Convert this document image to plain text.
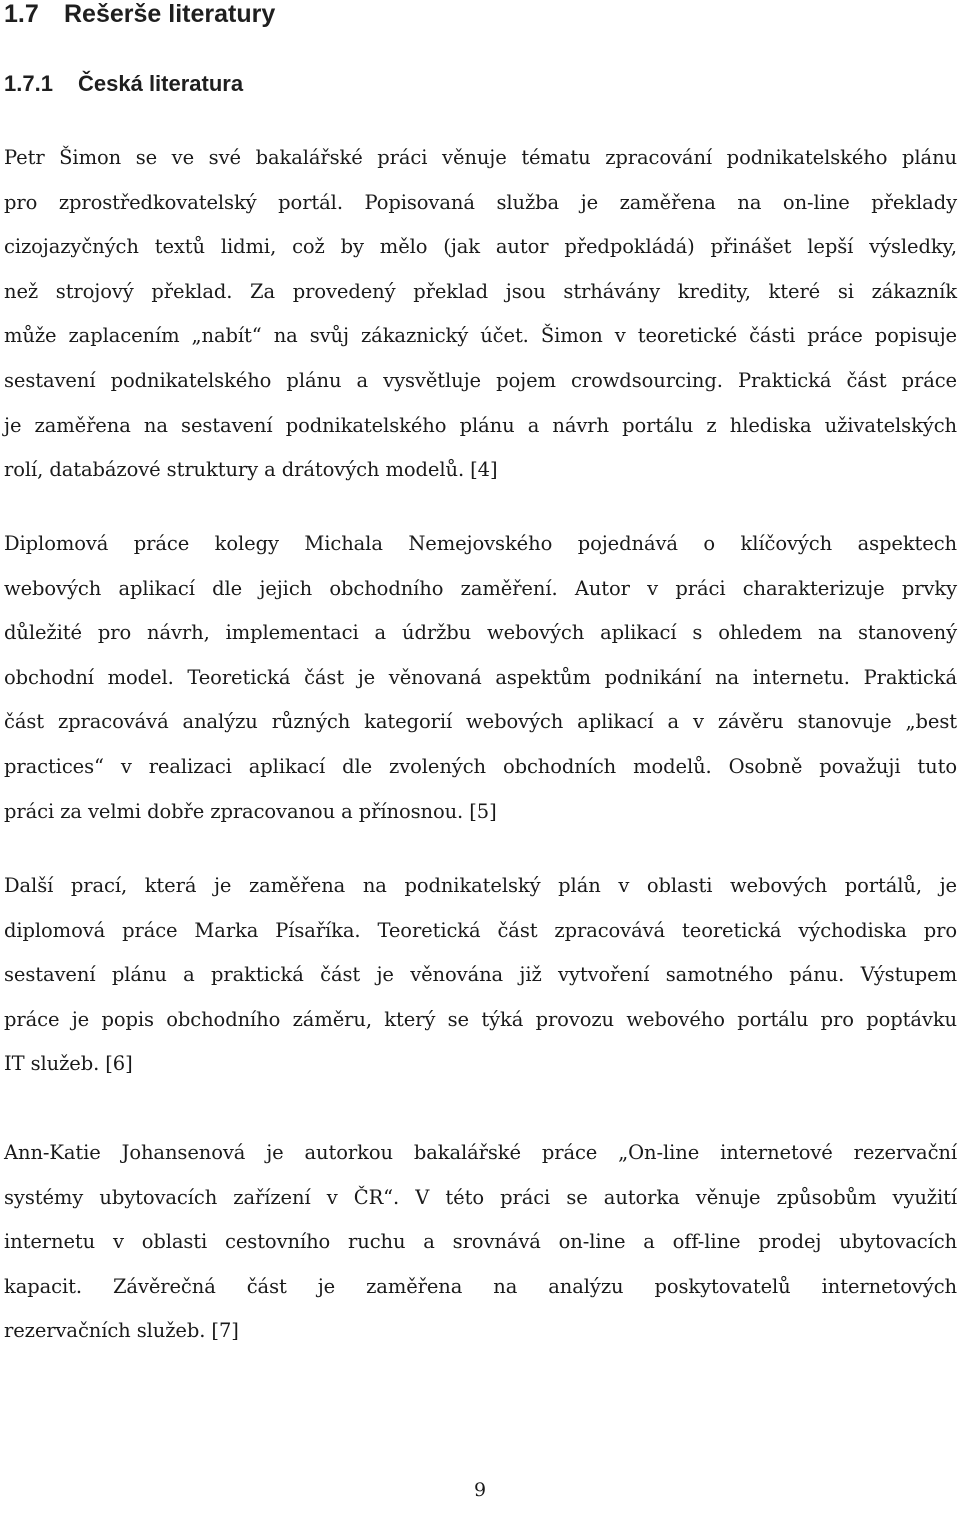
1.7 Rešerše literatury
1.7.1 Česká literatura
Petr Šimon se ve své bakalářské práci věnuje tématu zpracování podnikatelského plánu
pro zprostředkovatelský portál. Popisovaná služba je zaměřena na on-line překlady
cizojazyčných textů lidmi, což by mělo (jak autor předpokládá) přinášet lepší výsledky,
než strojový překlad. Za provedený překlad jsou strhávány kredity, které si zákazník
může zaplacením „nabít“ na svůj zákaznický účet. Šimon v teoretické části práce popisuje
sestavení podnikatelského plánu a vysvětluje pojem crowdsourcing. Praktická část práce
je zaměřena na sestavení podnikatelského plánu a návrh portálu z hlediska uživatelských
rolí, databázové struktury a drátových modelů. [4]
Diplomová práce kolegy Michala Nemejovského pojednává o klíčových aspektech
webových aplikací dle jejich obchodního zaměření. Autor v práci charakterizuje prvky
důležité pro návrh, implementaci a údržbu webových aplikací s ohledem na stanovený
obchodní model. Teoretická část je věnovaná aspektům podnikání na internetu. Praktická
část zpracovává analýzu různých kategorií webových aplikací a v závěru stanovuje „best
practices“ v realizaci aplikací dle zvolených obchodních modelů. Osobně považuji tuto
práci za velmi dobře zpracovanou a přínosnou. [5]
Další prací, která je zaměřena na podnikatelský plán v oblasti webových portálů, je
diplomová práce Marka Písaříka. Teoretická část zpracovává teoretická východiska pro
sestavení plánu a praktická část je věnována již vytvoření samotného pánu. Výstupem
práce je popis obchodního záměru, který se týká provozu webového portálu pro poptávku
IT služeb. [6]
Ann-Katie Johansenová je autorkou bakalářské práce „On-line internetové rezervační
systémy ubytovacích zařízení v ČR“. V této práci se autorka věnuje způsobům využití
internetu v oblasti cestovního ruchu a srovnává on-line a off-line prodej ubytovacích
kapacit. Závěrečná část je zaměřena na analýzu poskytovatelů internetových
rezervačních služeb. [7]
9
